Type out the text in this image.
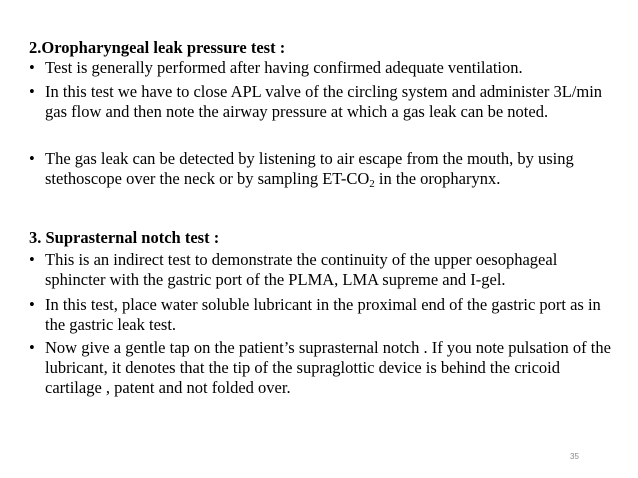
2.Oropharyngeal leak pressure test :
• Test is generally performed after having confirmed adequate ventilation.
• In this test we have to close APL valve of the circling system and administer 3L/min gas flow and then note the airway pressure at which a gas leak can be noted.
• The gas leak can be detected by listening to air escape from the mouth, by using stethoscope over the neck or by sampling $ET-CO_2$ in the oropharynx.
3. Suprasternal notch test :
• This is an indirect test to demonstrate the continuity of the upper oesophageal sphincter with the gastric port of the PLMA, LMA supreme and I-gel.
• In this test, place water soluble lubricant in the proximal end of the gastric port as in the gastric leak test.
• Now give a gentle tap on the patient’s suprasternal notch . If you note pulsation of the lubricant, it denotes that the tip of the supraglottic device is behind the cricoid cartilage , patent and not folded over.
35
